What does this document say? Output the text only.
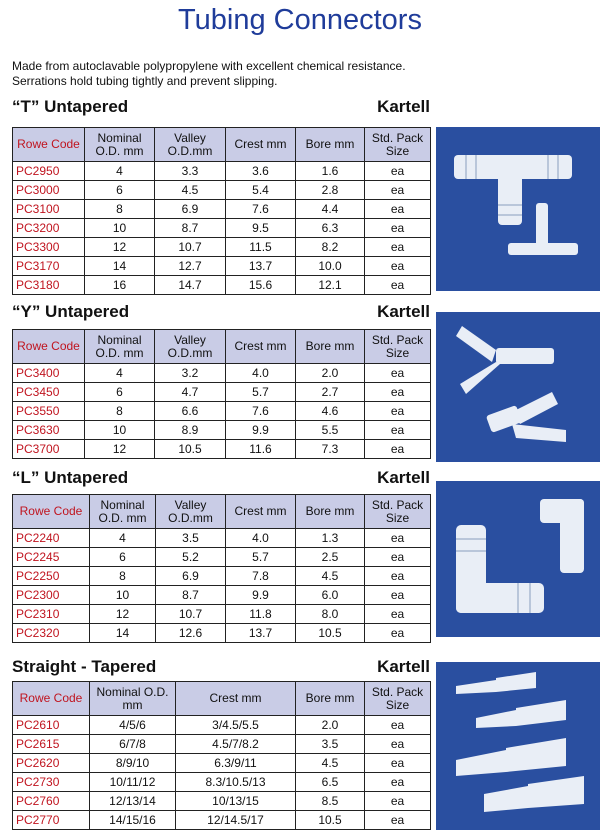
Tubing Connectors
Made from autoclavable polypropylene with excellent chemical resistance.
Serrations hold tubing tightly and prevent slipping.
“T” Untapered	Kartell
Rowe Code	Nominal O.D. mm	Valley O.D.mm	Crest mm	Bore mm	Std. Pack Size
PC2950	4	3.3	3.6	1.6	ea
PC3000	6	4.5	5.4	2.8	ea
PC3100	8	6.9	7.6	4.4	ea
PC3200	10	8.7	9.5	6.3	ea
PC3300	12	10.7	11.5	8.2	ea
PC3170	14	12.7	13.7	10.0	ea
PC3180	16	14.7	15.6	12.1	ea
“Y” Untapered	Kartell
Rowe Code	Nominal O.D. mm	Valley O.D.mm	Crest mm	Bore mm	Std. Pack Size
PC3400	4	3.2	4.0	2.0	ea
PC3450	6	4.7	5.7	2.7	ea
PC3550	8	6.6	7.6	4.6	ea
PC3630	10	8.9	9.9	5.5	ea
PC3700	12	10.5	11.6	7.3	ea
“L” Untapered	Kartell
Rowe Code	Nominal O.D. mm	Valley O.D.mm	Crest mm	Bore mm	Std. Pack Size
PC2240	4	3.5	4.0	1.3	ea
PC2245	6	5.2	5.7	2.5	ea
PC2250	8	6.9	7.8	4.5	ea
PC2300	10	8.7	9.9	6.0	ea
PC2310	12	10.7	11.8	8.0	ea
PC2320	14	12.6	13.7	10.5	ea
Straight - Tapered	Kartell
Rowe Code	Nominal O.D. mm	Crest mm	Bore mm	Std. Pack Size
PC2610	4/5/6	3/4.5/5.5	2.0	ea
PC2615	6/7/8	4.5/7/8.2	3.5	ea
PC2620	8/9/10	6.3/9/11	4.5	ea
PC2730	10/11/12	8.3/10.5/13	6.5	ea
PC2760	12/13/14	10/13/15	8.5	ea
PC2770	14/15/16	12/14.5/17	10.5	ea
